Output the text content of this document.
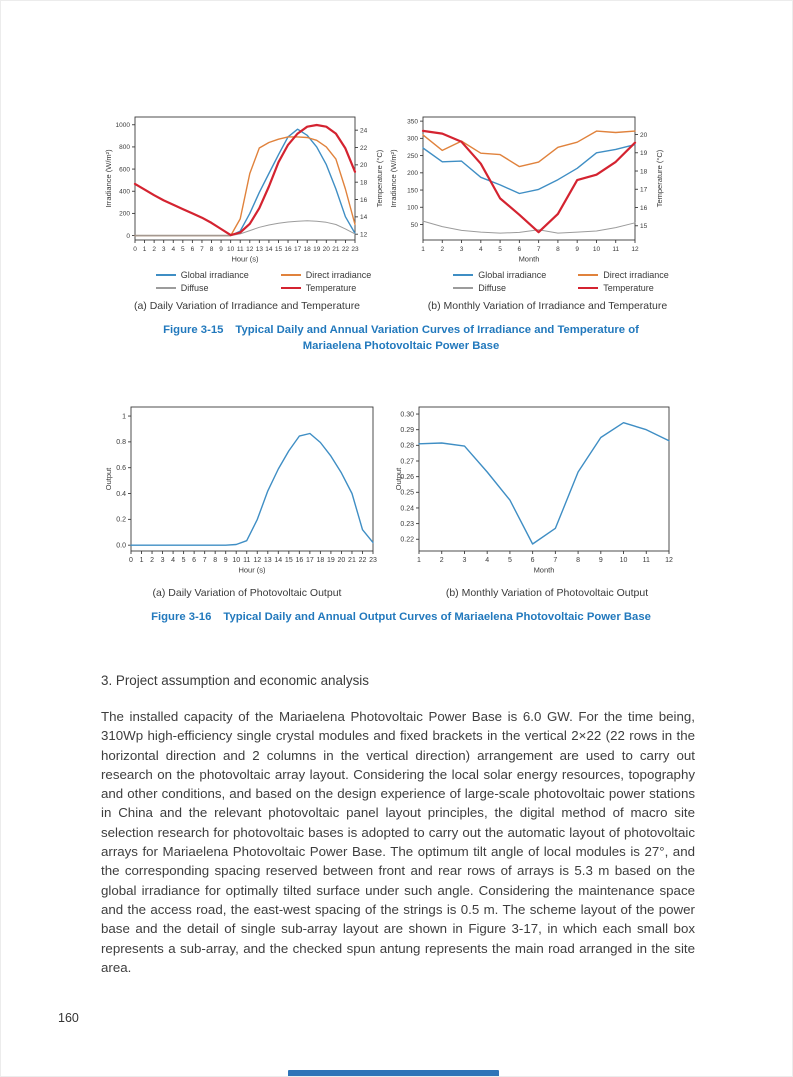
0
200
400
600
800
1000
12
14
16
18
20
22
24
0 1 2 3 4 5 6 7 8 9 10 11 12 13 14 15 16 17 18 19 20 21 22 23
Hour (s)
Irradiance (W/m²)	Temperature (°C)
50
100
150
200
250
300
350
15
16
17
18
19
20
1 2 3 4 5 6 7 8 9 10 11 12
Month
Irradiance (W/m²)	Temperature (°C)
Global irradiance	Direct irradiance
Diffuse	Temperature
Global irradiance	Direct irradiance
Diffuse	Temperature
(a) Daily Variation of Irradiance and Temperature	(b) Monthly Variation of Irradiance and Temperature
Figure 3-15 Typical Daily and Annual Variation Curves of Irradiance and Temperature of
Mariaelena Photovoltaic Power Base
0.0
0.2
0.4
0.6
0.8
1
0 1 2 3 4 5 6 7 8 9 10 11 12 13 14 15 16 17 18 19 20 21 22 23
Hour (s)
Output
0.22
0.23
0.24
0.25
0.26
0.27
0.28
0.29
0.30
1	2	3	4	5	6	7	8	9 10 11 12
Month
Output
(a) Daily Variation of Photovoltaic Output	(b) Monthly Variation of Photovoltaic Output
Figure 3-16 Typical Daily and Annual Output Curves of Mariaelena Photovoltaic Power Base
3. Project assumption and economic analysis

The installed capacity of the Mariaelena Photovoltaic Power Base is 6.0 GW. For the time being, 310Wp high-efficiency single crystal modules and fixed brackets in the vertical 2×22 (22 rows in the horizontal direction and 2 columns in the vertical direction) arrangement are used to carry out research on the photovoltaic array layout. Considering the local solar energy resources, topography and other conditions, and based on the design experience of large-scale photovoltaic power stations in China and the relevant photovoltaic panel layout principles, the digital method of macro site selection research for photovoltaic bases is adopted to carry out the automatic layout of photovoltaic arrays for Mariaelena Photovoltaic Power Base. The optimum tilt angle of local modules is 27°, and the corresponding spacing reserved between front and rear rows of arrays is 5.3 m based on the global irradiance for optimally tilted surface under such angle. Considering the maintenance space and the access road, the east-west spacing of the strings is 0.5 m. The scheme layout of the power base and the detail of single sub-array layout are shown in Figure 3-17, in which each small box represents a sub-array, and the checked spun antung represents the main road arranged in the site area.

160
